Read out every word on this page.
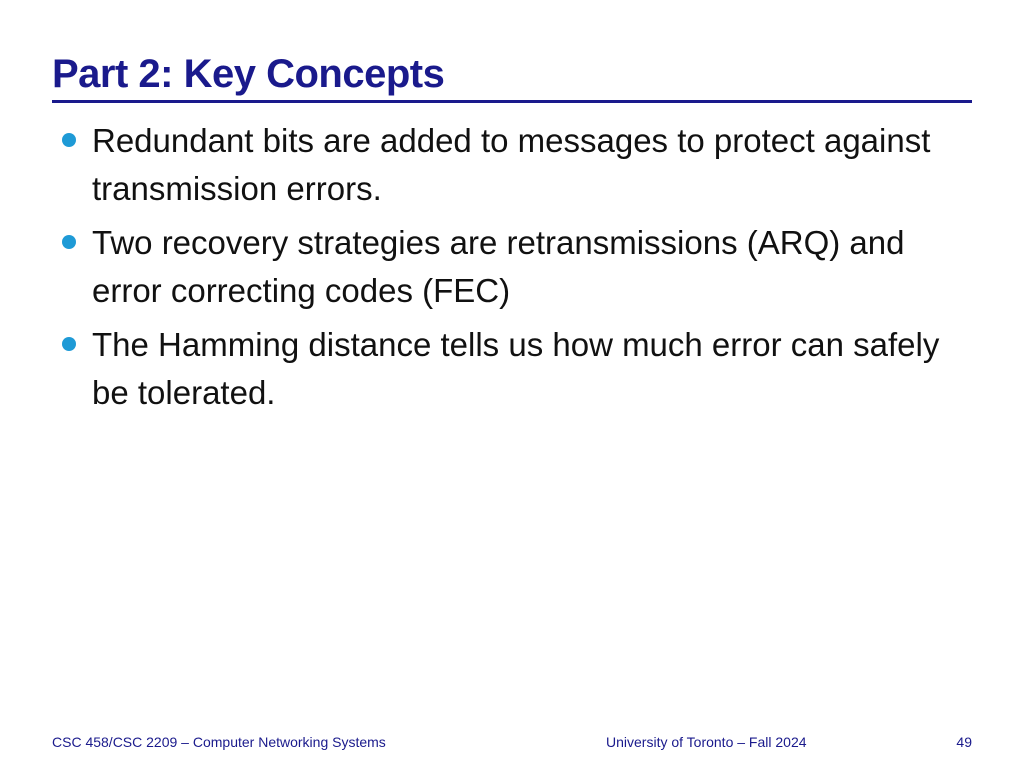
Part 2: Key Concepts
Redundant bits are added to messages to protect against transmission errors.
Two recovery strategies are retransmissions (ARQ) and error correcting codes (FEC)
The Hamming distance tells us how much error can safely be tolerated.
CSC 458/CSC 2209 – Computer Networking Systems	University of Toronto – Fall 2024	49
